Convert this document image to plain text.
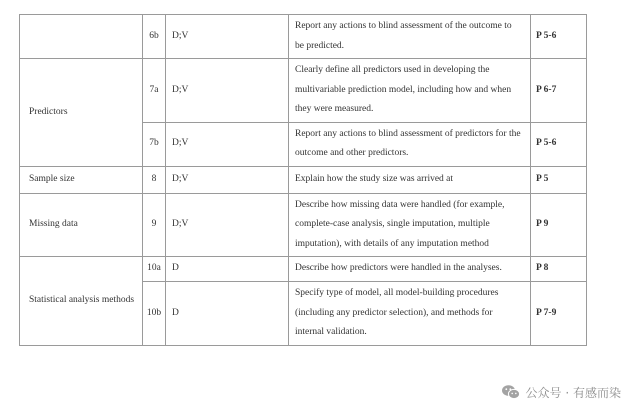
	6b	D;V	Report any actions to blind assessment of the outcome to be predicted.	P 5-6
Predictors	7a	D;V	Clearly define all predictors used in developing the multivariable prediction model, including how and when they were measured.	P 6-7
	7b	D;V	Report any actions to blind assessment of predictors for the outcome and other predictors.	P 5-6
Sample size	8	D;V	Explain how the study size was arrived at	P 5
Missing data	9	D;V	Describe how missing data were handled (for example, complete-case analysis, single imputation, multiple imputation), with details of any imputation method	P 9
Statistical analysis methods	10a	D	Describe how predictors were handled in the analyses.	P 8
	10b	D	Specify type of model, all model-building procedures (including any predictor selection), and methods for internal validation.	P 7-9
公众号 · 有感而染
